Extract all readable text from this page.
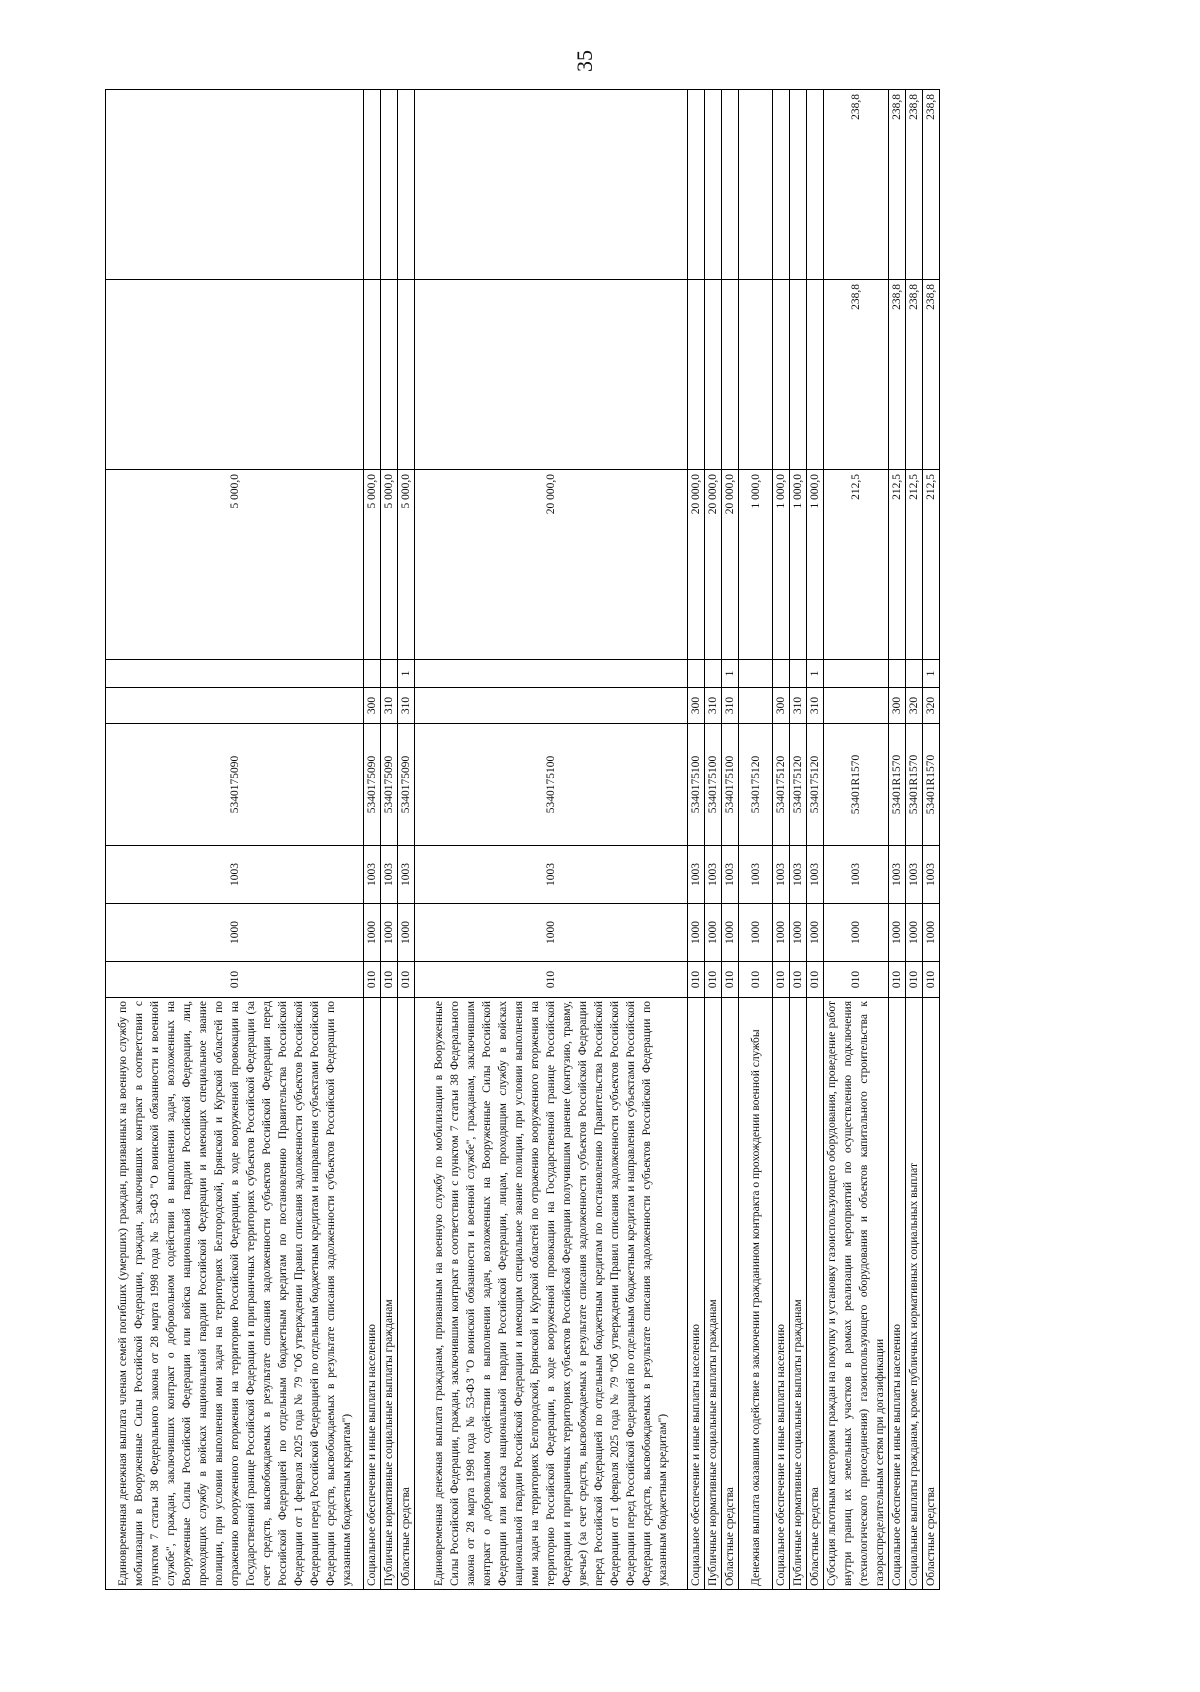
35
Единовременная денежная выплата членам семей погибших (умерших) граждан, призванных на военную службу по мобилизации в Вооруженные Силы Российской Федерации, граждан, заключивших контракт в соответствии с пунктом 7 статьи 38 Федерального закона от 28 марта 1998 года № 53-ФЗ "О воинской обязанности и военной службе", граждан, заключивших контракт о добровольном содействии в выполнении задач, возложенных на Вооруженные Силы Российской Федерации или войска национальной гвардии Российской Федерации, лиц, проходящих службу в войсках национальной гвардии Российской Федерации и имеющих специальное звание полиции, при условии выполнения ими задач на территориях Белгородской, Брянской и Курской областей по отражению вооруженного вторжения на территорию Российской Федерации, в ходе вооруженной провокации на Государственной границе Российской Федерации и приграничных территориях субъектов Российской Федерации (за счет средств, высвобождаемых в результате списания задолженности субъектов Российской Федерации перед Российской Федерацией по отдельным бюджетным кредитам по постановлению Правительства Российской Федерации от 1 февраля 2025 года № 79 "Об утверждении Правил списания задолженности субъектов Российской Федерации перед Российской Федерацией по отдельным бюджетным кредитам и направления субъектами Российской Федерации средств, высвобождаемых в результате списания задолженности субъектов Российской Федерации по указанным бюджетным кредитам")	010	1000	1003	5340175090			5 000,0		
Социальное обеспечение и иные выплаты населению	010	1000	1003	5340175090	300		5 000,0		
Публичные нормативные социальные выплаты гражданам	010	1000	1003	5340175090	310		5 000,0		
Областные средства	010	1000	1003	5340175090	310	1	5 000,0		
Единовременная денежная выплата гражданам, призванным на военную службу по мобилизации в Вооруженные Силы Российской Федерации, граждан, заключившим контракт в соответствии с пунктом 7 статьи 38 Федерального закона от 28 марта 1998 года № 53-ФЗ "О воинской обязанности и военной службе", гражданам, заключившим контракт о добровольном содействии в выполнении задач, возложенных на Вооруженные Силы Российской Федерации или войска национальной гвардии Российской Федерации, лицам, проходящим службу в войсках национальной гвардии Российской Федерации и имеющим специальное звание полиции, при условии выполнения ими задач на территориях Белгородской, Брянской и Курской областей по отражению вооруженного вторжения на территорию Российской Федерации, в ходе вооруженной провокации на Государственной границе Российской Федерации и приграничных территориях субъектов Российской Федерации получившим ранение (контузию, травму, увечье) (за счет средств, высвобождаемых в результате списания задолженности субъектов Российской Федерации перед Российской Федерацией по отдельным бюджетным кредитам по постановлению Правительства Российской Федерации от 1 февраля 2025 года № 79 "Об утверждении Правил списания задолженности субъектов Российской Федерации перед Российской Федерацией по отдельным бюджетным кредитам и направления субъектами Российской Федерации средств, высвобождаемых в результате списания задолженности субъектов Российской Федерации по указанным бюджетным кредитам")	010	1000	1003	5340175100			20 000,0		
Социальное обеспечение и иные выплаты населению	010	1000	1003	5340175100	300		20 000,0		
Публичные нормативные социальные выплаты гражданам	010	1000	1003	5340175100	310		20 000,0		
Областные средства	010	1000	1003	5340175100	310	1	20 000,0		
Денежная выплата оказавшим содействие в заключении гражданином контракта о прохождении военной службы	010	1000	1003	5340175120			1 000,0		
Социальное обеспечение и иные выплаты населению	010	1000	1003	5340175120	300		1 000,0		
Публичные нормативные социальные выплаты гражданам	010	1000	1003	5340175120	310		1 000,0		
Областные средства	010	1000	1003	5340175120	310	1	1 000,0		
Субсидия льготным категориям граждан на покупку и установку газоиспользующего оборудования, проведение работ внутри границ их земельных участков в рамках реализации мероприятий по осуществлению подключения (технологического присоединения) газоиспользующего оборудования и объектов капитального строительства к газораспределительным сетям при догазификации	010	1000	1003	53401R1570			212,5	238,8	238,8
Социальное обеспечение и иные выплаты населению	010	1000	1003	53401R1570	300		212,5	238,8	238,8
Социальные выплаты гражданам, кроме публичных нормативных социальных выплат	010	1000	1003	53401R1570	320		212,5	238,8	238,8
Областные средства	010	1000	1003	53401R1570	320	1	212,5	238,8	238,8
